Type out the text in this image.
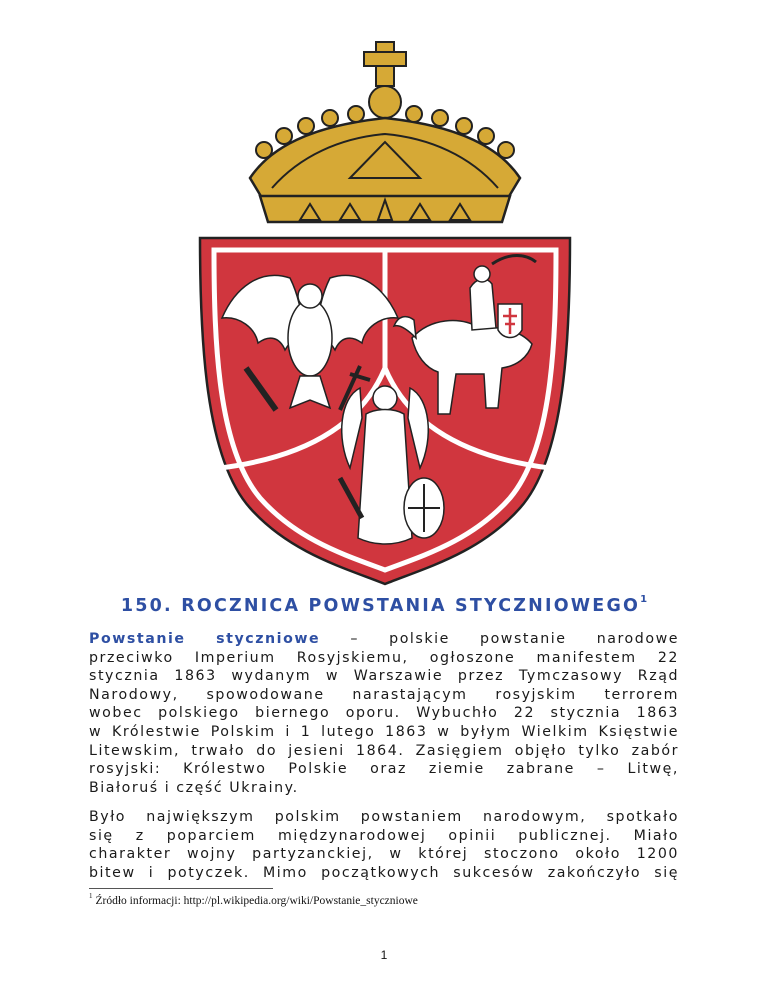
150. ROCZNICA POWSTANIA STYCZNIOWEGO$^1$
Powstanie styczniowe – polskie powstanie narodowe
przeciwko Imperium Rosyjskiemu, ogłoszone manifestem 22
stycznia 1863 wydanym w Warszawie przez Tymczasowy Rząd
Narodowy, spowodowane narastającym rosyjskim terrorem
wobec polskiego biernego oporu. Wybuchło 22 stycznia 1863
w Królestwie Polskim i 1 lutego 1863 w byłym Wielkim Księstwie
Litewskim, trwało do jesieni 1864. Zasięgiem objęło tylko zabór
rosyjski: Królestwo Polskie oraz ziemie zabrane – Litwę,
Białoruś i część Ukrainy.
Było największym polskim powstaniem narodowym, spotkało
się z poparciem międzynarodowej opinii publicznej. Miało
charakter wojny partyzanckiej, w której stoczono około 1200
bitew i potyczek. Mimo początkowych sukcesów zakończyło się
$^1$ Źródło informacji: http://pl.wikipedia.org/wiki/Powstanie_styczniowe
1
